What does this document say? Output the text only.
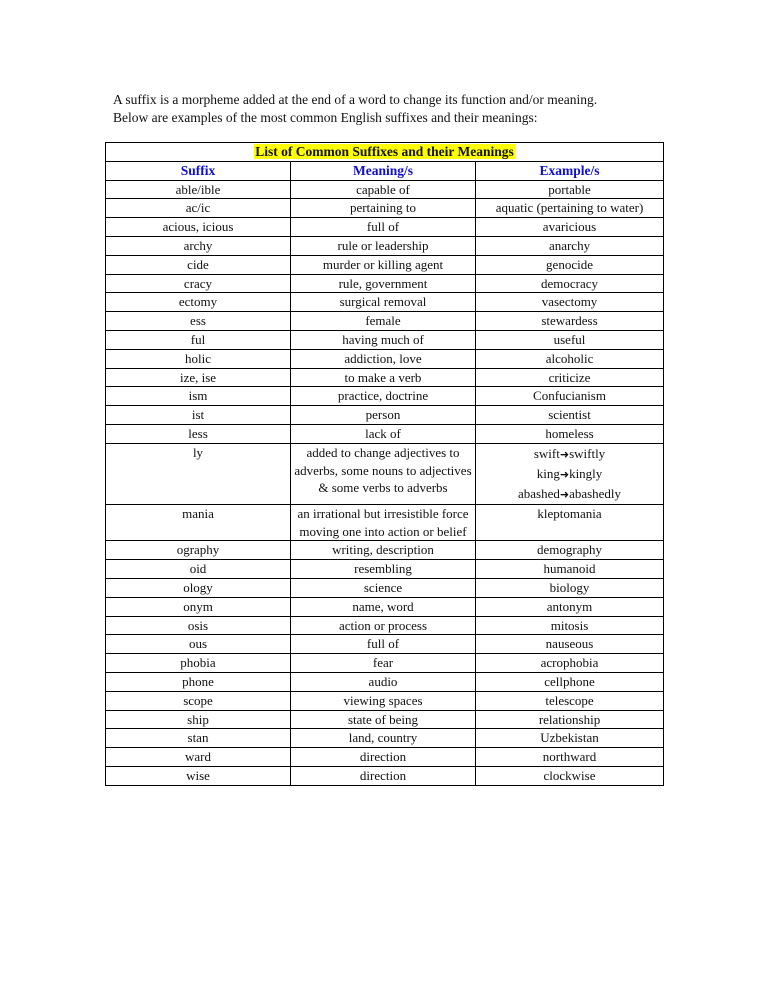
A suffix is a morpheme added at the end of a word to change its function and/or meaning.

Below are examples of the most common English suffixes and their meanings:

List of Common Suffixes and their Meanings		
Suffix	Meaning/s	Example/s
able/ible	capable of	portable
ac/ic	pertaining to	aquatic (pertaining to water)
acious, icious	full of	avaricious
archy	rule or leadership	anarchy
cide	murder or killing agent	genocide
cracy	rule, government	democracy
ectomy	surgical removal	vasectomy
ess	female	stewardess
ful	having much of	useful
holic	addiction, love	alcoholic
ize, ise	to make a verb	criticize
ism	practice, doctrine	Confucianism
ist	person	scientist
less	lack of	homeless
ly	added to change adjectives to adverbs, some nouns to adjectives & some verbs to adverbs	swift➜swiftly
king➜kingly
abashed➜abashedly

mania	an irrational but irresistible force moving one into action or belief	kleptomania
ography	writing, description	demography
oid	resembling	humanoid
ology	science	biology
onym	name, word	antonym
osis	action or process	mitosis
ous	full of	nauseous
phobia	fear	acrophobia
phone	audio	cellphone
scope	viewing spaces	telescope
ship	state of being	relationship
stan	land, country	Uzbekistan
ward	direction	northward
wise	direction	clockwise
